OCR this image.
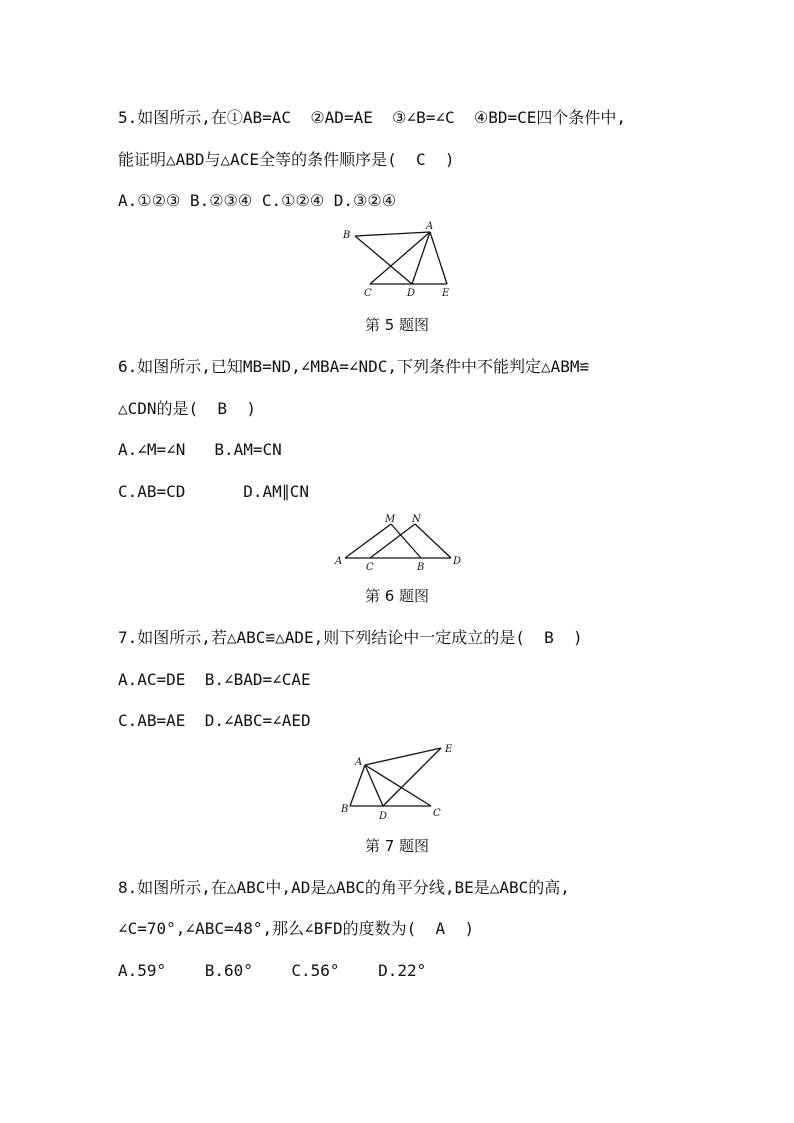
5.如图所示,在①AB=AC  ②AD=AE  ③∠B=∠C  ④BD=CE四个条件中,
能证明△ABD与△ACE全等的条件顺序是(  C  )
A.①②③ B.②③④ C.①②④ D.③②④
B
A
C	D	E
第 5 题图
6.如图所示,已知MB=ND,∠MBA=∠NDC,下列条件中不能判定△ABM≌
△CDN的是(  B  )
A.∠M=∠N   B.AM=CN
C.AB=CD      D.AM∥CN
M N
A
C	B
D
第 6 题图
7.如图所示,若△ABC≌△ADE,则下列结论中一定成立的是(  B  )
A.AC=DE  B.∠BAD=∠CAE
C.AB=AE  D.∠ABC=∠AED
E
A
B
D	C
第 7 题图
8.如图所示,在△ABC中,AD是△ABC的角平分线,BE是△ABC的高,
∠C=70°,∠ABC=48°,那么∠BFD的度数为(  A  )
A.59°    B.60°    C.56°    D.22°
